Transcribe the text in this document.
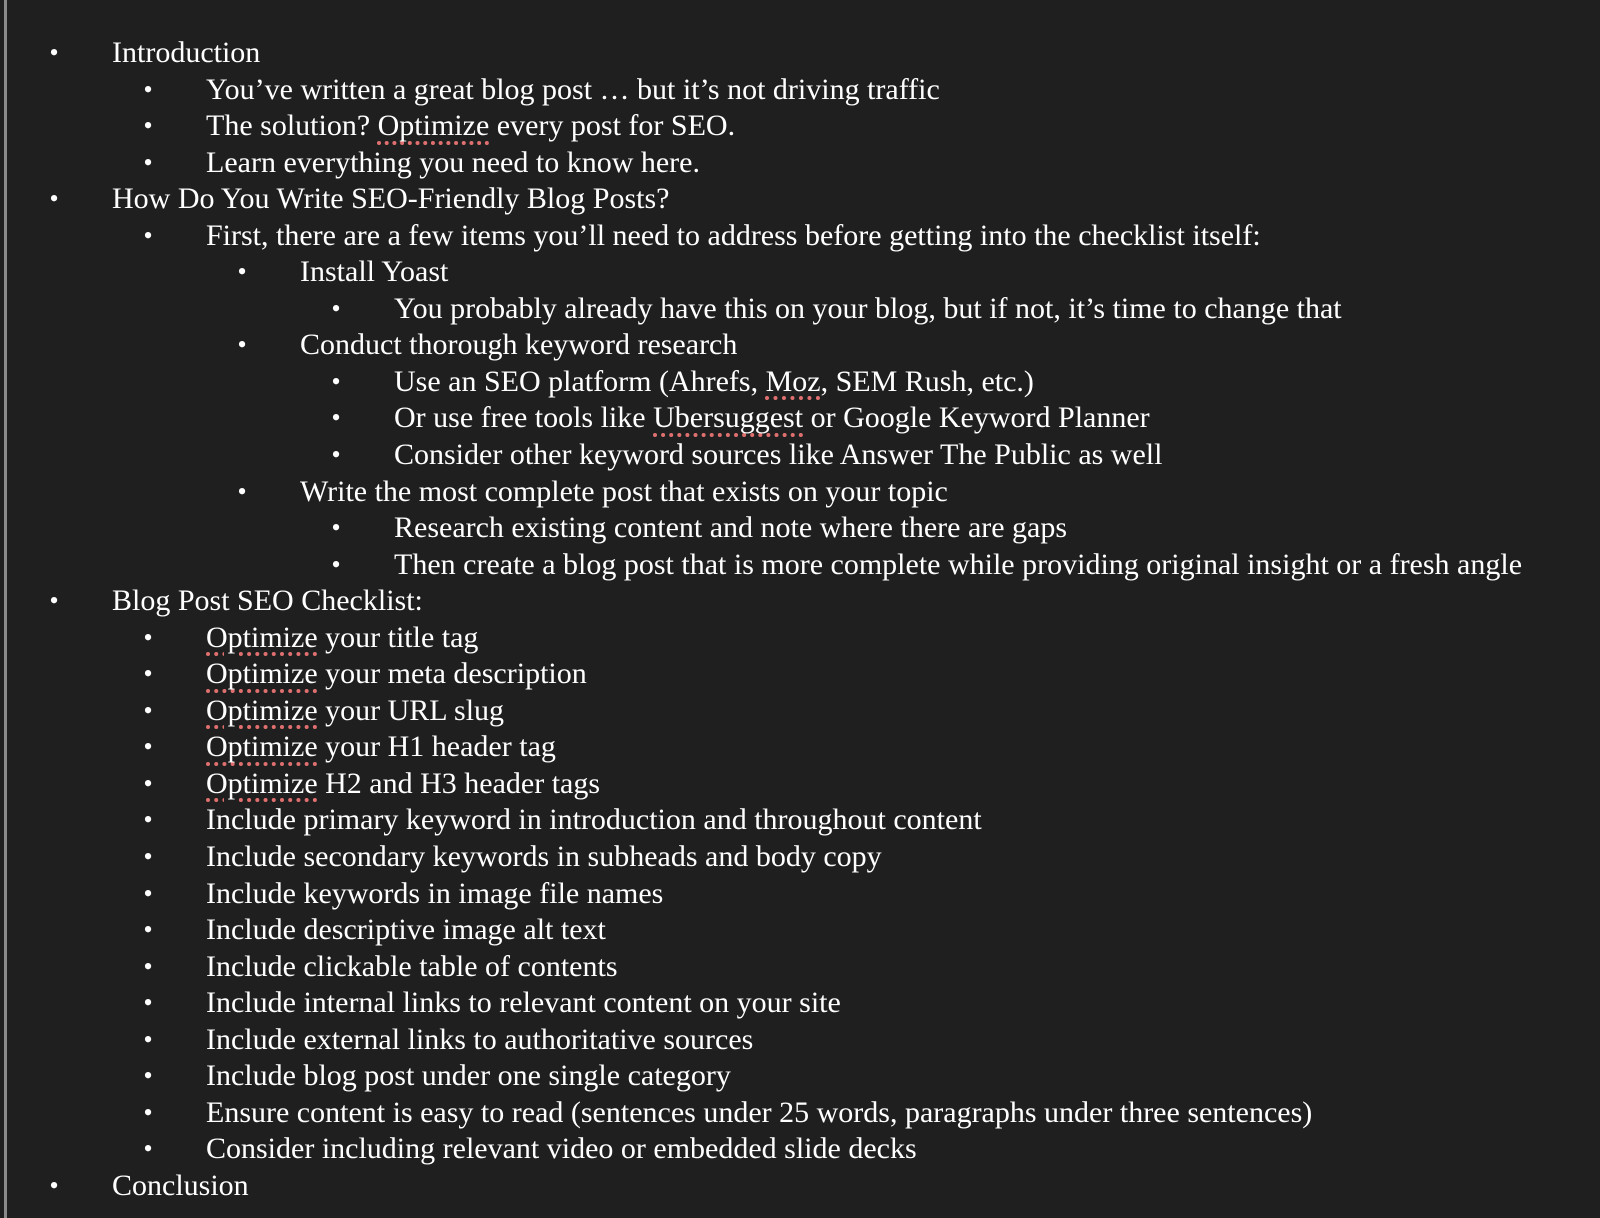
• Introduction
• You’ve written a great blog post … but it’s not driving traffic
• The solution? Optimize every post for SEO.
• Learn everything you need to know here.
• How Do You Write SEO-Friendly Blog Posts?
• First, there are a few items you’ll need to address before getting into the checklist itself:
• Install Yoast
• You probably already have this on your blog, but if not, it’s time to change that
• Conduct thorough keyword research
• Use an SEO platform (Ahrefs, Moz, SEM Rush, etc.)
• Or use free tools like Ubersuggest or Google Keyword Planner
• Consider other keyword sources like Answer The Public as well
• Write the most complete post that exists on your topic
• Research existing content and note where there are gaps
• Then create a blog post that is more complete while providing original insight or a fresh angle
• Blog Post SEO Checklist:
• Optimize your title tag
• Optimize your meta description
• Optimize your URL slug
• Optimize your H1 header tag
• Optimize H2 and H3 header tags
• Include primary keyword in introduction and throughout content
• Include secondary keywords in subheads and body copy
• Include keywords in image file names
• Include descriptive image alt text
• Include clickable table of contents
• Include internal links to relevant content on your site
• Include external links to authoritative sources
• Include blog post under one single category
• Ensure content is easy to read (sentences under 25 words, paragraphs under three sentences)
• Consider including relevant video or embedded slide decks
• Conclusion
